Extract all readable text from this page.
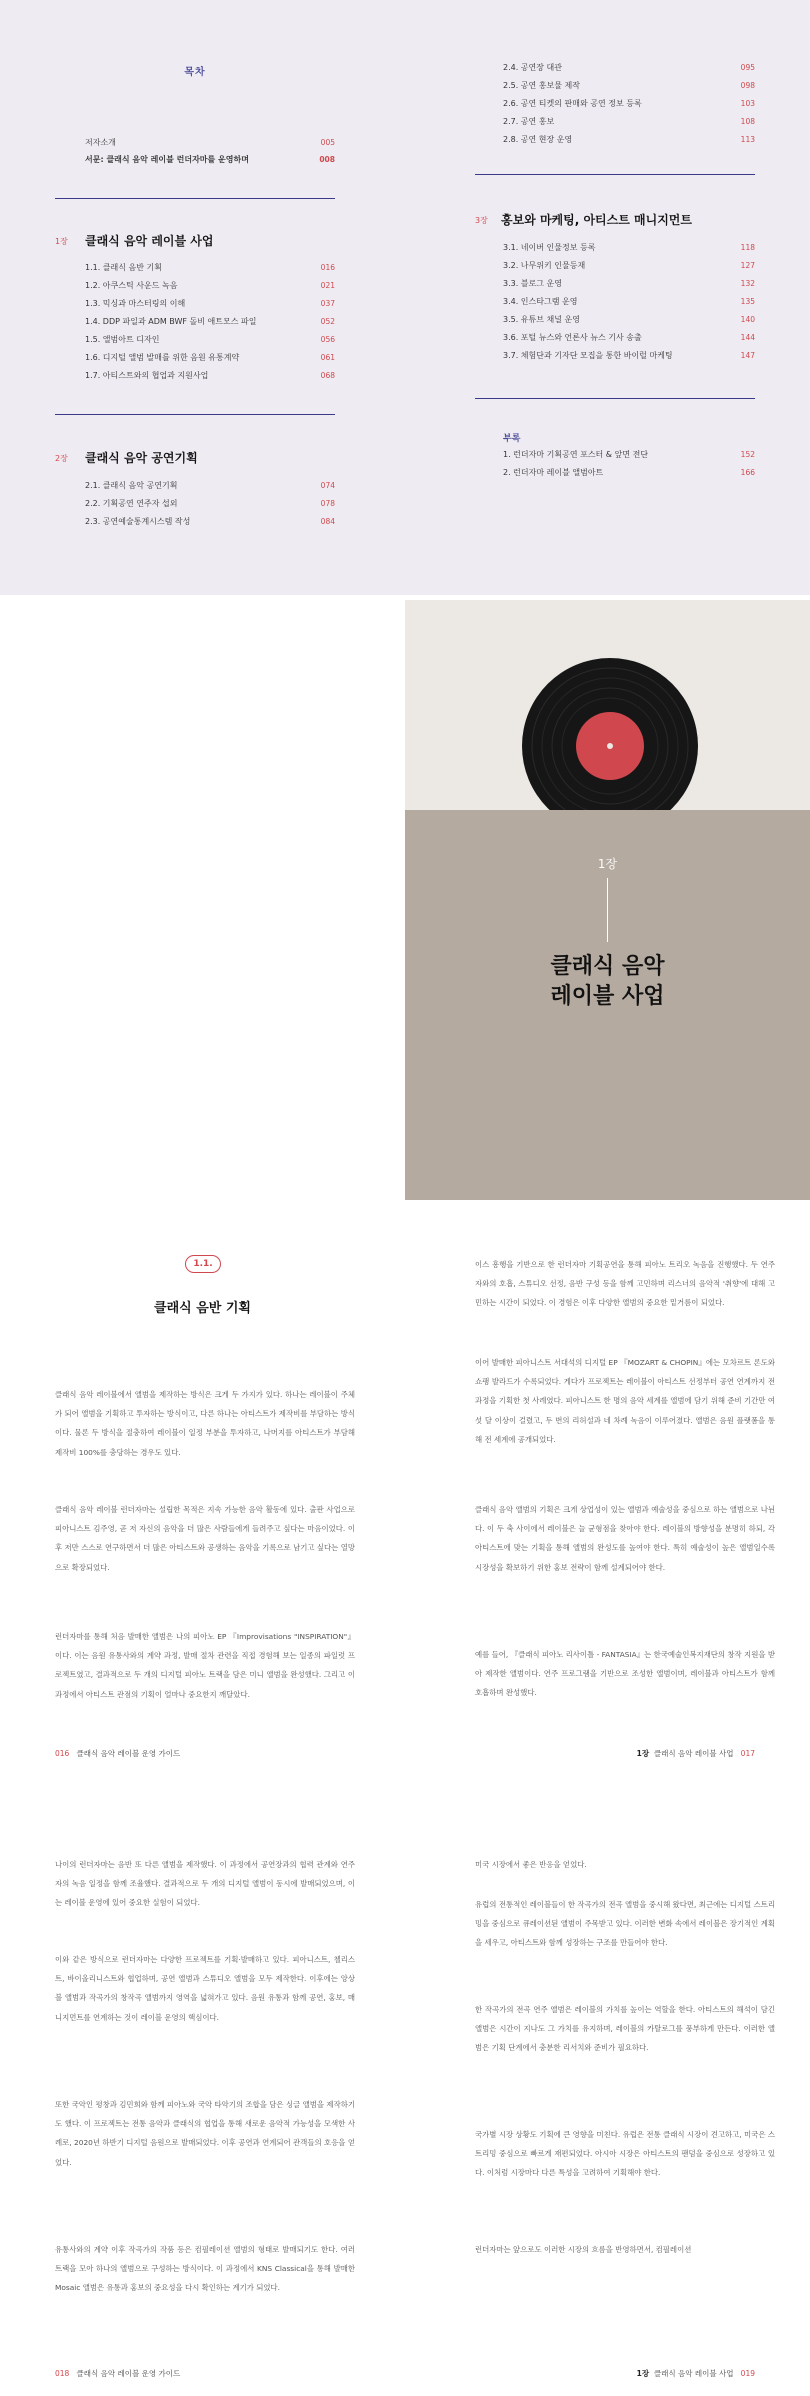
목차
저자소개	005
서문: 클래식 음악 레이블 런더자마를 운영하며	008
1장 클래식 음악 레이블 사업
1.1. 클래식 음반 기획	016
1.2. 아쿠스틱 사운드 녹음	021
1.3. 믹싱과 마스터링의 이해	037
1.4. DDP 파일과 ADM BWF 돌비 애트모스 파일	052
1.5. 앨범아트 디자인	056
1.6. 디지털 앨범 발매를 위한 음원 유통계약	061
1.7. 아티스트와의 협업과 지원사업	068
2장 클래식 음악 공연기획
2.1. 클래식 음악 공연기획	074
2.2. 기획공연 연주자 섭외	078
2.3. 공연예술통계시스템 작성	084
2.4. 공연장 대관	095
2.5. 공연 홍보물 제작	098
2.6. 공연 티켓의 판매와 공연 정보 등록	103
2.7. 공연 홍보	108
2.8. 공연 현장 운영	113
3장 홍보와 마케팅, 아티스트 매니지먼트
3.1. 네이버 인물정보 등록	118
3.2. 나무위키 인물등재	127
3.3. 블로그 운영	132
3.4. 인스타그램 운영	135
3.5. 유튜브 채널 운영	140
3.6. 포털 뉴스와 언론사 뉴스 기사 송출	144
3.7. 체험단과 기자단 모집을 통한 바이럴 마케팅	147
부록
1. 런더자마 기획공연 포스터 & 앞면 전단	152
2. 런더자마 레이블 앨범아트	166
1장
클래식 음악
레이블 사업
1.1.
클래식 음반 기획

클래식 음악 레이블에서 앨범을 제작하는 방식은 크게 두 가지가 있다. 하나는 레이블이 주체가 되어 앨범을 기획하고 투자하는 방식이고, 다른 하나는 아티스트가 제작비를 부담하는 방식이다. 물론 두 방식을 절충하여 레이블이 일정 부분을 투자하고, 나머지를 아티스트가 부담해 제작비 100%를 충당하는 경우도 있다.

클래식 음악 레이블 런더자마는 설립한 목적은 지속 가능한 음악 활동에 있다. 출판 사업으로 피아니스트 김주영, 곧 저 자신의 음악을 더 많은 사람들에게 들려주고 싶다는 마음이었다. 이후 저만 스스로 연구하면서 더 많은 아티스트와 공생하는 음악을 기록으로 남기고 싶다는 열망으로 확장되었다.

런더자마를 통해 처음 발매한 앨범은 나의 피아노 EP 『Improvisations "INSPIRATION"』이다. 이는 음원 유통사와의 계약 과정, 발매 절차 관련을 직접 경험해 보는 일종의 파일럿 프로젝트였고, 결과적으로 두 개의 디지털 피아노 트랙을 담은 미니 앨범을 완성했다. 그리고 이 과정에서 아티스트 관점의 기획이 얼마나 중요한지 깨달았다.

이스 흥행을 기반으로 한 런더자마 기획공연을 통해 피아노 트리오 녹음을 진행했다. 두 연주자와의 호흡, 스튜디오 선정, 음반 구성 등을 함께 고민하며 리스너의 음악적 '취향'에 대해 고민하는 시간이 되었다. 이 경험은 이후 다양한 앨범의 중요한 밑거름이 되었다.

이어 발매한 피아니스트 서대석의 디지털 EP 『MOZART & CHOPIN』에는 모차르트 론도와 쇼팽 발라드가 수록되었다. 게다가 프로젝트는 레이블이 아티스트 선정부터 공연 연계까지 전 과정을 기획한 첫 사례였다. 피아니스트 한 명의 음악 세계를 앨범에 담기 위해 준비 기간만 여섯 달 이상이 걸렸고, 두 번의 리허설과 네 차례 녹음이 이루어졌다. 앨범은 음원 플랫폼을 통해 전 세계에 공개되었다.

클래식 음악 앨범의 기획은 크게 상업성이 있는 앨범과 예술성을 중심으로 하는 앨범으로 나뉜다. 이 두 축 사이에서 레이블은 늘 균형점을 찾아야 한다. 레이블의 방향성을 분명히 하되, 각 아티스트에 맞는 기획을 통해 앨범의 완성도를 높여야 한다. 특히 예술성이 높은 앨범일수록 시장성을 확보하기 위한 홍보 전략이 함께 설계되어야 한다.

예를 들어, 『클래식 피아노 리사이틀 - FANTASIA』는 한국예술인복지재단의 창작 지원을 받아 제작한 앨범이다. 연주 프로그램을 기반으로 조성한 앨범이며, 레이블과 아티스트가 함께 호흡하며 완성했다.

016 클래식 음악 레이블 운영 가이드	1장 클래식 음악 레이블 사업 017

나이의 런더자마는 음반 또 다른 앨범을 제작했다. 이 과정에서 공연장과의 협력 관계와 연주자의 녹음 일정을 함께 조율했다. 결과적으로 두 개의 디지털 앨범이 동시에 발매되었으며, 이는 레이블 운영에 있어 중요한 실험이 되었다.

이와 같은 방식으로 런더자마는 다양한 프로젝트를 기획·발매하고 있다. 피아니스트, 첼리스트, 바이올리니스트와 협업하며, 공연 앨범과 스튜디오 앨범을 모두 제작한다. 이후에는 앙상블 앨범과 작곡가의 창작곡 앨범까지 영역을 넓혀가고 있다. 음원 유통과 함께 공연, 홍보, 매니지먼트를 연계하는 것이 레이블 운영의 핵심이다.

또한 국악인 평창과 김민희와 함께 피아노와 국악 타악기의 조합을 담은 싱글 앨범을 제작하기도 했다. 이 프로젝트는 전통 음악과 클래식의 협업을 통해 새로운 음악적 가능성을 모색한 사례로, 2020년 하반기 디지털 음원으로 발매되었다. 이후 공연과 연계되어 관객들의 호응을 얻었다.

유통사와의 계약 이후 작곡가의 작품 등은 컴필레이션 앨범의 형태로 발매되기도 한다. 여러 트랙을 모아 하나의 앨범으로 구성하는 방식이다. 이 과정에서 KNS Classical을 통해 발매한 Mosaic 앨범은 유통과 홍보의 중요성을 다시 확인하는 계기가 되었다.

미국 시장에서 좋은 반응을 얻었다.

유럽의 전통적인 레이블들이 한 작곡가의 전곡 앨범을 중시해 왔다면, 최근에는 디지털 스트리밍을 중심으로 큐레이션된 앨범이 주목받고 있다. 이러한 변화 속에서 레이블은 장기적인 계획을 세우고, 아티스트와 함께 성장하는 구조를 만들어야 한다.

한 작곡가의 전곡 연주 앨범은 레이블의 가치를 높이는 역할을 한다. 아티스트의 해석이 담긴 앨범은 시간이 지나도 그 가치를 유지하며, 레이블의 카탈로그를 풍부하게 만든다. 이러한 앨범은 기획 단계에서 충분한 리서치와 준비가 필요하다.

국가별 시장 상황도 기획에 큰 영향을 미친다. 유럽은 전통 클래식 시장이 견고하고, 미국은 스트리밍 중심으로 빠르게 재편되었다. 아시아 시장은 아티스트의 팬덤을 중심으로 성장하고 있다. 이처럼 시장마다 다른 특성을 고려하여 기획해야 한다.

런더자마는 앞으로도 이러한 시장의 흐름을 반영하면서, 컴필레이션

018 클래식 음악 레이블 운영 가이드	1장 클래식 음악 레이블 사업 019
